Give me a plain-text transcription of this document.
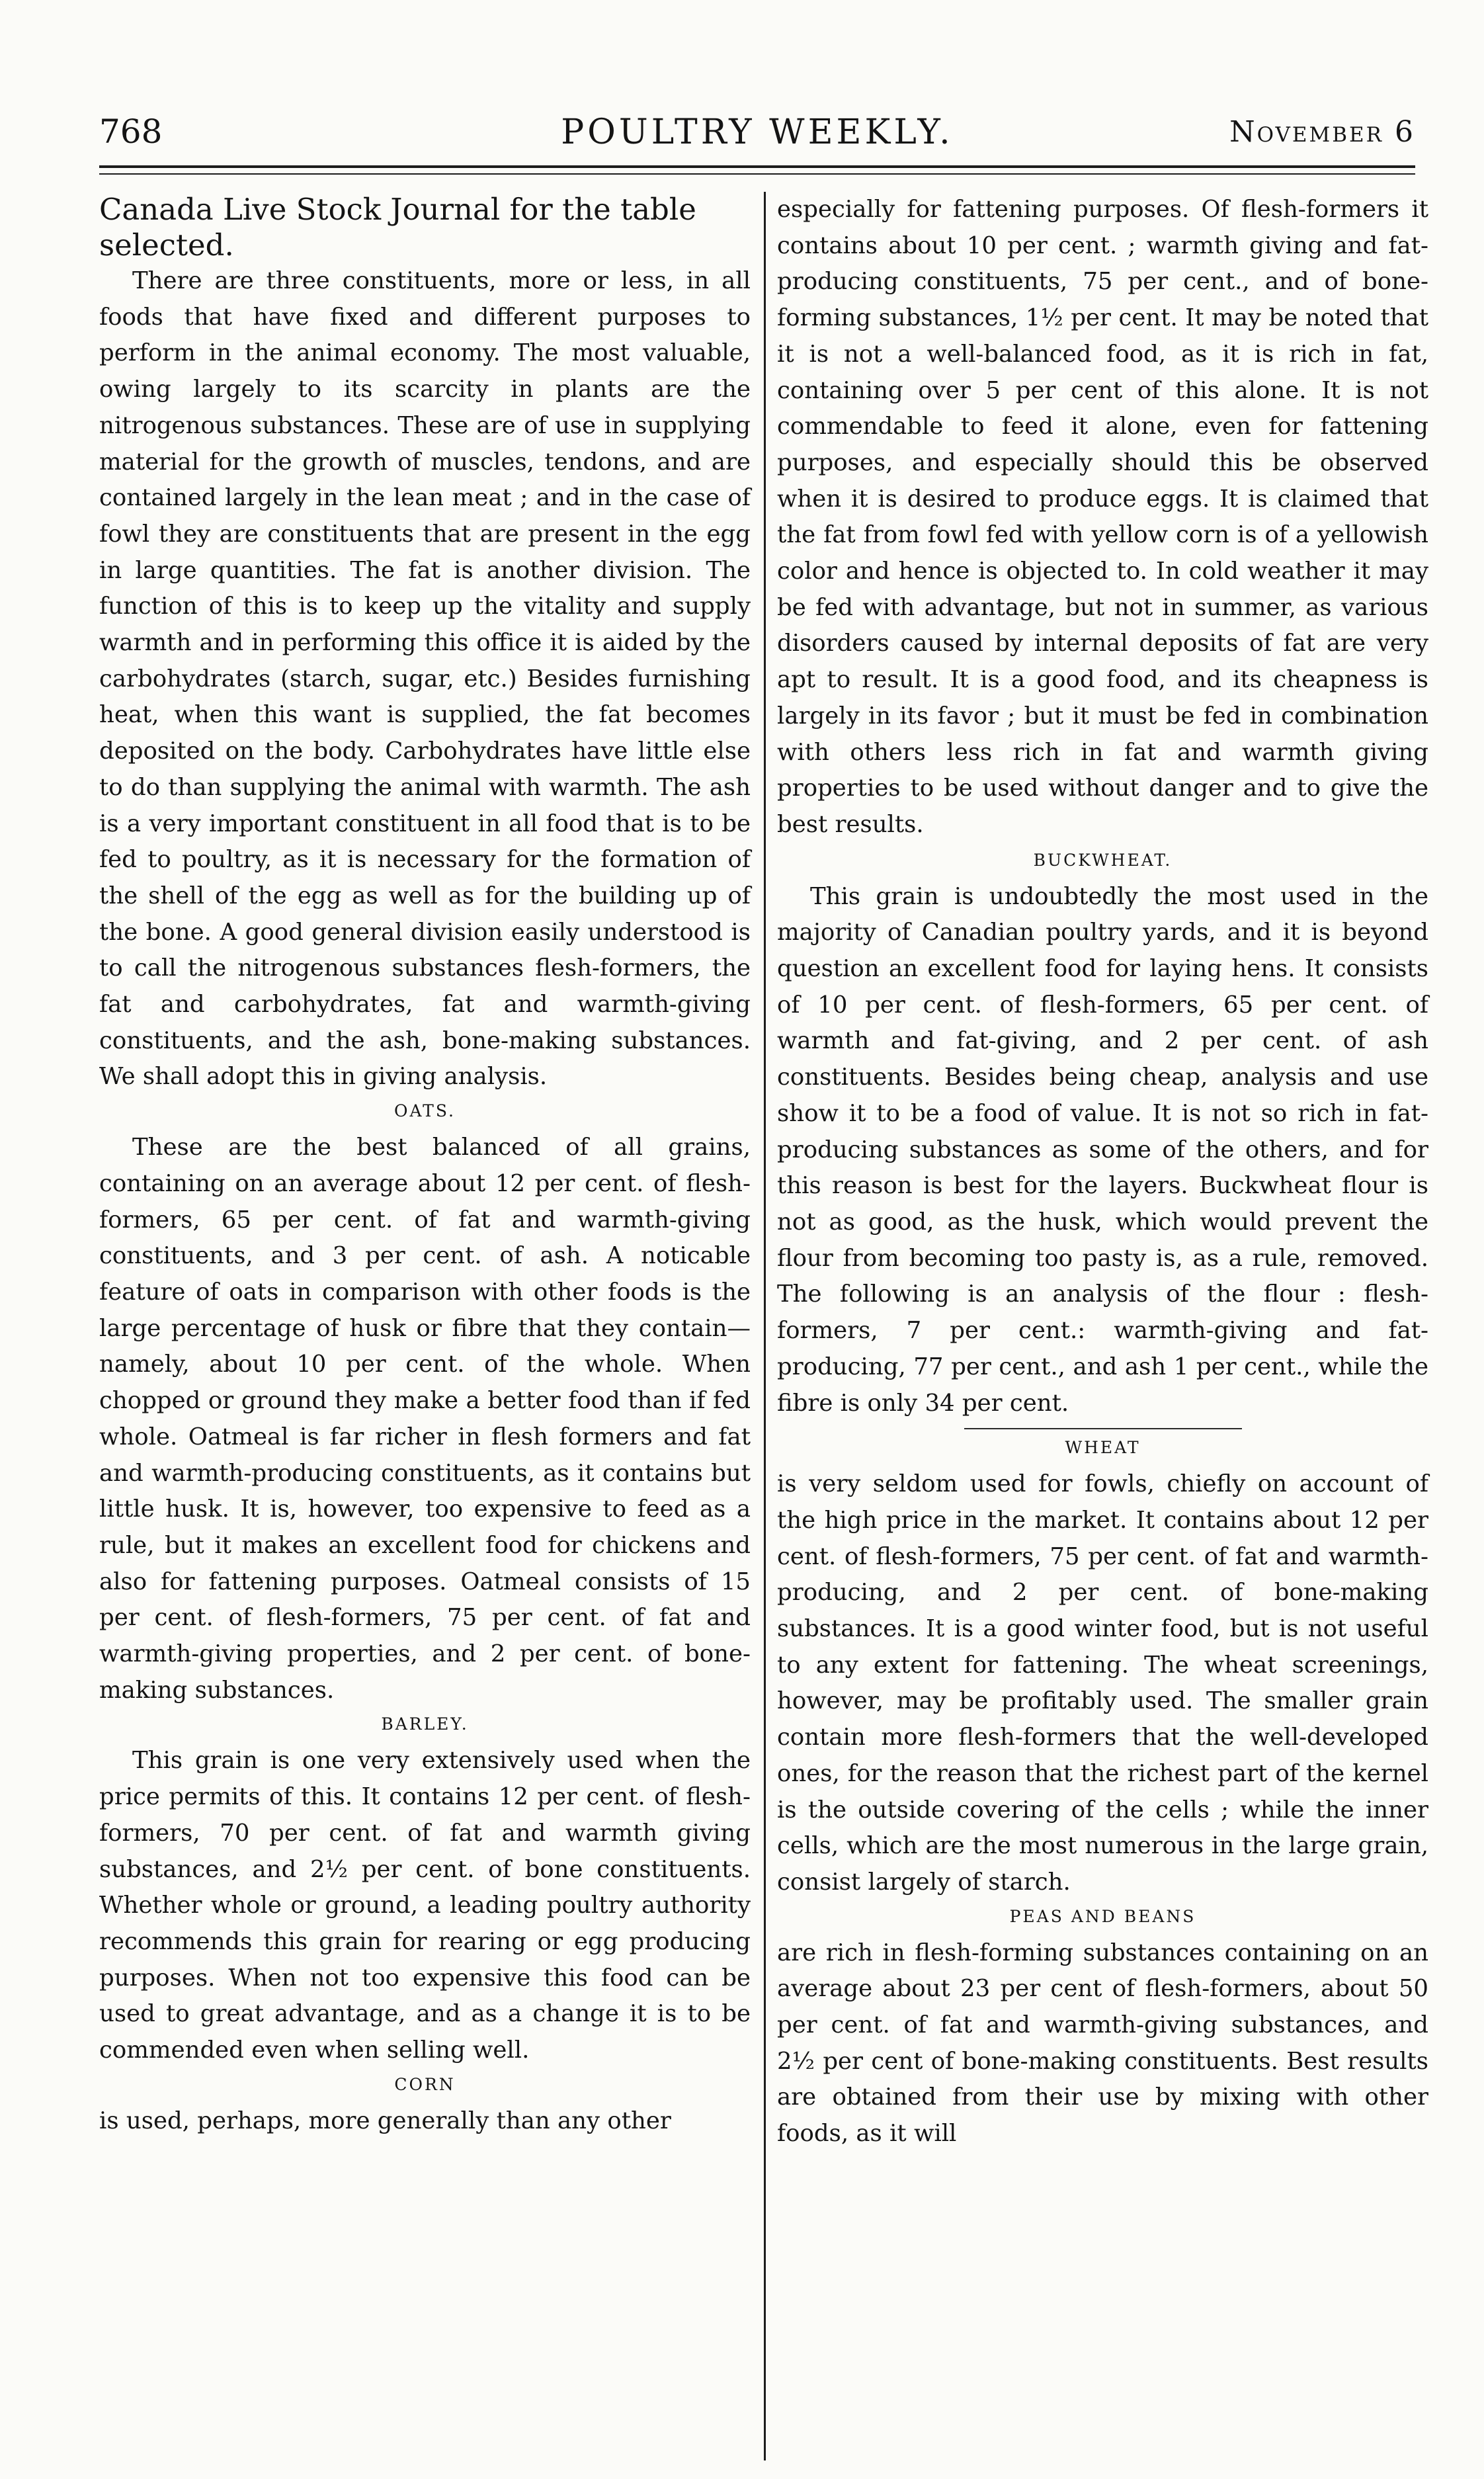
768	POULTRY WEEKLY.	November 6
Canada Live Stock Journal for the table selected.

There are three constituents, more or less, in all foods that have fixed and different purposes to perform in the animal economy. The most valuable, owing largely to its scarcity in plants are the nitrogenous substances. These are of use in supplying material for the growth of muscles, tendons, and are contained largely in the lean meat ; and in the case of fowl they are constituents that are present in the egg in large quantities. The fat is another division. The function of this is to keep up the vitality and supply warmth and in performing this office it is aided by the carbohydrates (starch, sugar, etc.) Besides furnishing heat, when this want is supplied, the fat becomes deposited on the body. Carbohydrates have little else to do than supplying the animal with warmth. The ash is a very important constituent in all food that is to be fed to poultry, as it is necessary for the formation of the shell of the egg as well as for the building up of the bone. A good general division easily understood is to call the nitrogenous substances flesh-formers, the fat and carbohydrates, fat and warmth-giving constituents, and the ash, bone-making substances. We shall adopt this in giving analysis.

OATS.

These are the best balanced of all grains, containing on an average about 12 per cent. of flesh-formers, 65 per cent. of fat and warmth-giving constituents, and 3 per cent. of ash. A noticable feature of oats in comparison with other foods is the large percentage of husk or fibre that they contain—namely, about 10 per cent. of the whole. When chopped or ground they make a better food than if fed whole. Oatmeal is far richer in flesh formers and fat and warmth-producing constituents, as it contains but little husk. It is, however, too expensive to feed as a rule, but it makes an excellent food for chickens and also for fattening purposes. Oatmeal consists of 15 per cent. of flesh-formers, 75 per cent. of fat and warmth-giving properties, and 2 per cent. of bone-making substances.

BARLEY.

This grain is one very extensively used when the price permits of this. It contains 12 per cent. of flesh-formers, 70 per cent. of fat and warmth giving substances, and 2½ per cent. of bone constituents. Whether whole or ground, a leading poultry authority recommends this grain for rearing or egg producing purposes. When not too expensive this food can be used to great advantage, and as a change it is to be commended even when selling well.

CORN

is used, perhaps, more generally than any other

especially for fattening purposes. Of flesh-formers it contains about 10 per cent. ; warmth giving and fat-producing constituents, 75 per cent., and of bone-forming substances, 1½ per cent. It may be noted that it is not a well-balanced food, as it is rich in fat, containing over 5 per cent of this alone. It is not commendable to feed it alone, even for fattening purposes, and especially should this be observed when it is desired to produce eggs. It is claimed that the fat from fowl fed with yellow corn is of a yellowish color and hence is objected to. In cold weather it may be fed with advantage, but not in summer, as various disorders caused by internal deposits of fat are very apt to result. It is a good food, and its cheapness is largely in its favor ; but it must be fed in combination with others less rich in fat and warmth giving properties to be used without danger and to give the best results.

BUCKWHEAT.

This grain is undoubtedly the most used in the majority of Canadian poultry yards, and it is beyond question an excellent food for laying hens. It consists of 10 per cent. of flesh-formers, 65 per cent. of warmth and fat-giving, and 2 per cent. of ash constituents. Besides being cheap, analysis and use show it to be a food of value. It is not so rich in fat-producing substances as some of the others, and for this reason is best for the layers. Buckwheat flour is not as good, as the husk, which would prevent the flour from becoming too pasty is, as a rule, removed. The following is an analysis of the flour : flesh-formers, 7 per cent.: warmth-giving and fat-producing, 77 per cent., and ash 1 per cent., while the fibre is only 34 per cent.

WHEAT

is very seldom used for fowls, chiefly on account of the high price in the market. It contains about 12 per cent. of flesh-formers, 75 per cent. of fat and warmth-producing, and 2 per cent. of bone-making substances. It is a good winter food, but is not useful to any extent for fattening. The wheat screenings, however, may be profitably used. The smaller grain contain more flesh-formers that the well-developed ones, for the reason that the richest part of the kernel is the outside covering of the cells ; while the inner cells, which are the most numerous in the large grain, consist largely of starch.

PEAS AND BEANS

are rich in flesh-forming substances containing on an average about 23 per cent of flesh-formers, about 50 per cent. of fat and warmth-giving substances, and 2½ per cent of bone-making constituents. Best results are obtained from their use by mixing with other foods, as it will
